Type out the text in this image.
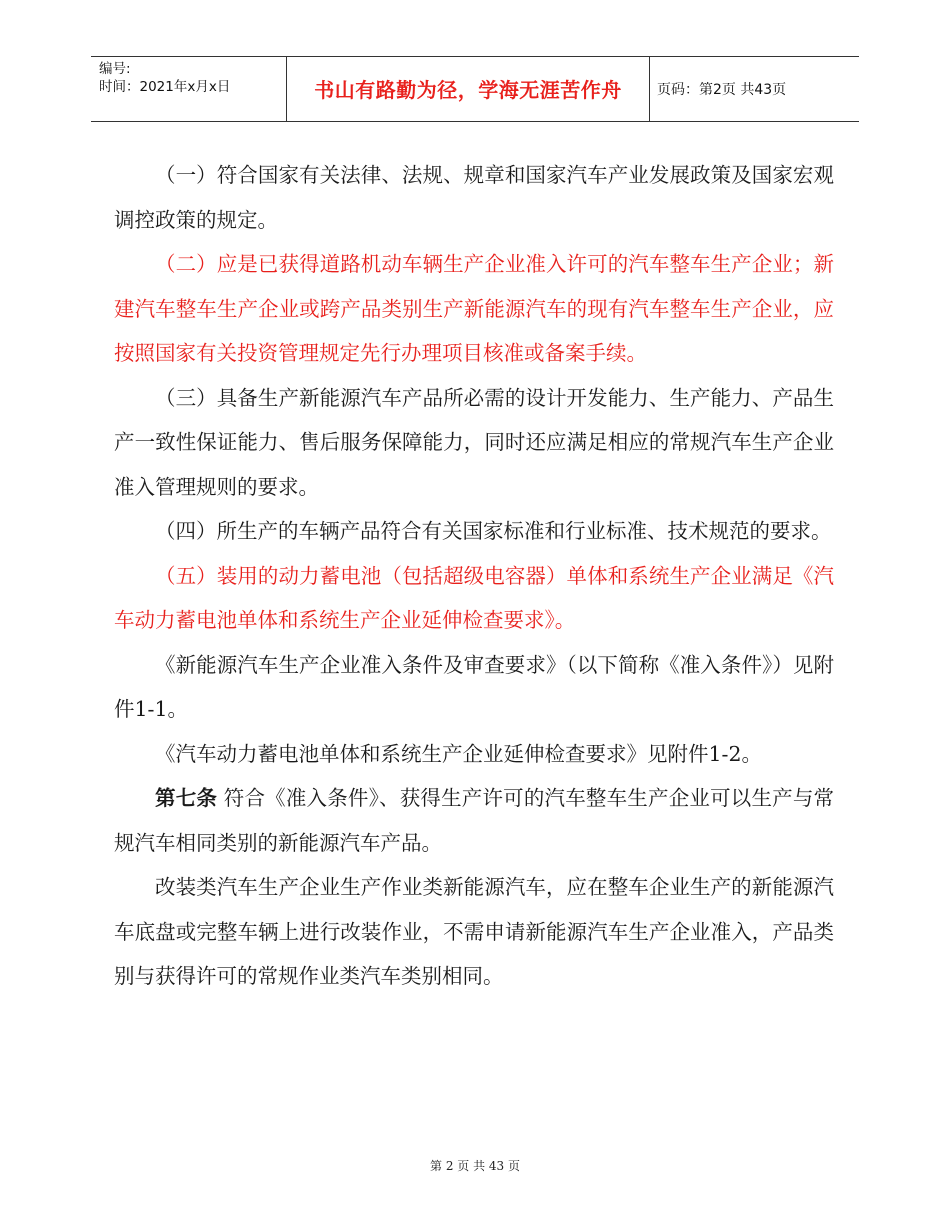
编号:
时间：2021年x月x日	书山有路勤为径，学海无涯苦作舟	页码：第2页 共43页

（一）符合国家有关法律、法规、规章和国家汽车产业发展政策及国家宏观调控政策的规定。

（二）应是已获得道路机动车辆生产企业准入许可的汽车整车生产企业；新建汽车整车生产企业或跨产品类别生产新能源汽车的现有汽车整车生产企业，应按照国家有关投资管理规定先行办理项目核准或备案手续。

（三）具备生产新能源汽车产品所必需的设计开发能力、生产能力、产品生产一致性保证能力、售后服务保障能力，同时还应满足相应的常规汽车生产企业准入管理规则的要求。

（四）所生产的车辆产品符合有关国家标准和行业标准、技术规范的要求。

（五）装用的动力蓄电池（包括超级电容器）单体和系统生产企业满足《汽车动力蓄电池单体和系统生产企业延伸检查要求》。

《新能源汽车生产企业准入条件及审查要求》（以下简称《准入条件》）见附件1-1。

《汽车动力蓄电池单体和系统生产企业延伸检查要求》见附件1-2。

第七条 符合《准入条件》、获得生产许可的汽车整车生产企业可以生产与常规汽车相同类别的新能源汽车产品。

改装类汽车生产企业生产作业类新能源汽车，应在整车企业生产的新能源汽车底盘或完整车辆上进行改装作业，不需申请新能源汽车生产企业准入，产品类别与获得许可的常规作业类汽车类别相同。

第 2 页 共 43 页
